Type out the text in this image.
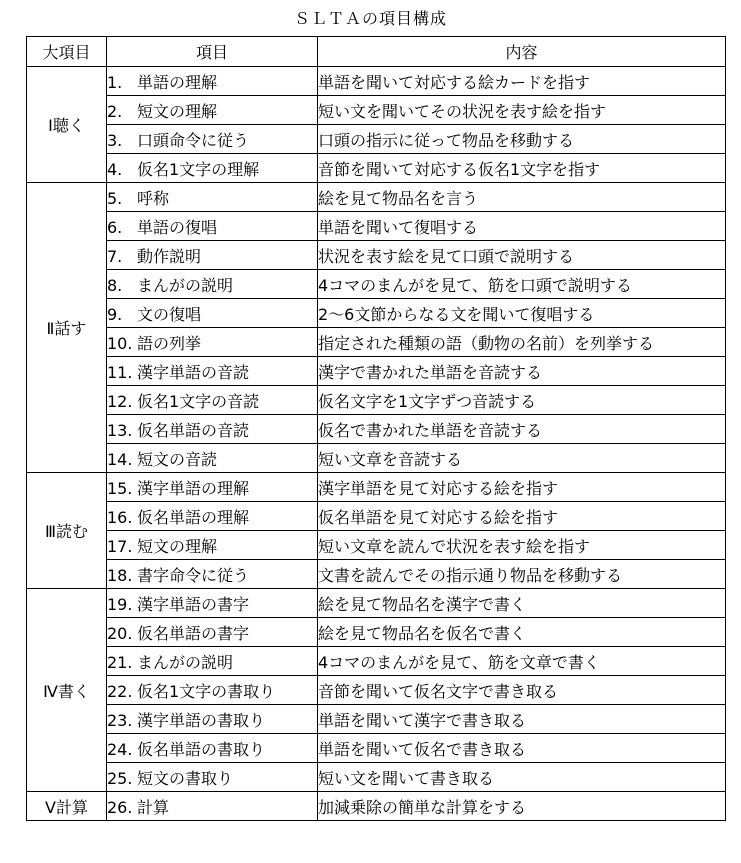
ＳＬＴＡの項目構成
大項目	項目	内容
Ⅰ聴く	1. 単語の理解	単語を聞いて対応する絵カードを指す
	2. 短文の理解	短い文を聞いてその状況を表す絵を指す
	3. 口頭命令に従う	口頭の指示に従って物品を移動する
	4. 仮名1文字の理解	音節を聞いて対応する仮名1文字を指す
Ⅱ話す	5. 呼称	絵を見て物品名を言う
	6. 単語の復唱	単語を聞いて復唱する
	7. 動作説明	状況を表す絵を見て口頭で説明する
	8. まんがの説明	4コマのまんがを見て、筋を口頭で説明する
	9. 文の復唱	2～6文節からなる文を聞いて復唱する
	10. 語の列挙	指定された種類の語（動物の名前）を列挙する
	11. 漢字単語の音読	漢字で書かれた単語を音読する
	12. 仮名1文字の音読	仮名文字を1文字ずつ音読する
	13. 仮名単語の音読	仮名で書かれた単語を音読する
	14. 短文の音読	短い文章を音読する
Ⅲ読む	15. 漢字単語の理解	漢字単語を見て対応する絵を指す
	16. 仮名単語の理解	仮名単語を見て対応する絵を指す
	17. 短文の理解	短い文章を読んで状況を表す絵を指す
	18. 書字命令に従う	文書を読んでその指示通り物品を移動する
Ⅳ書く	19. 漢字単語の書字	絵を見て物品名を漢字で書く
	20. 仮名単語の書字	絵を見て物品名を仮名で書く
	21. まんがの説明	4コマのまんがを見て、筋を文章で書く
	22. 仮名1文字の書取り	音節を聞いて仮名文字で書き取る
	23. 漢字単語の書取り	単語を聞いて漢字で書き取る
	24. 仮名単語の書取り	単語を聞いて仮名で書き取る
	25. 短文の書取り	短い文を聞いて書き取る
Ⅴ計算	26. 計算	加減乗除の簡単な計算をする
